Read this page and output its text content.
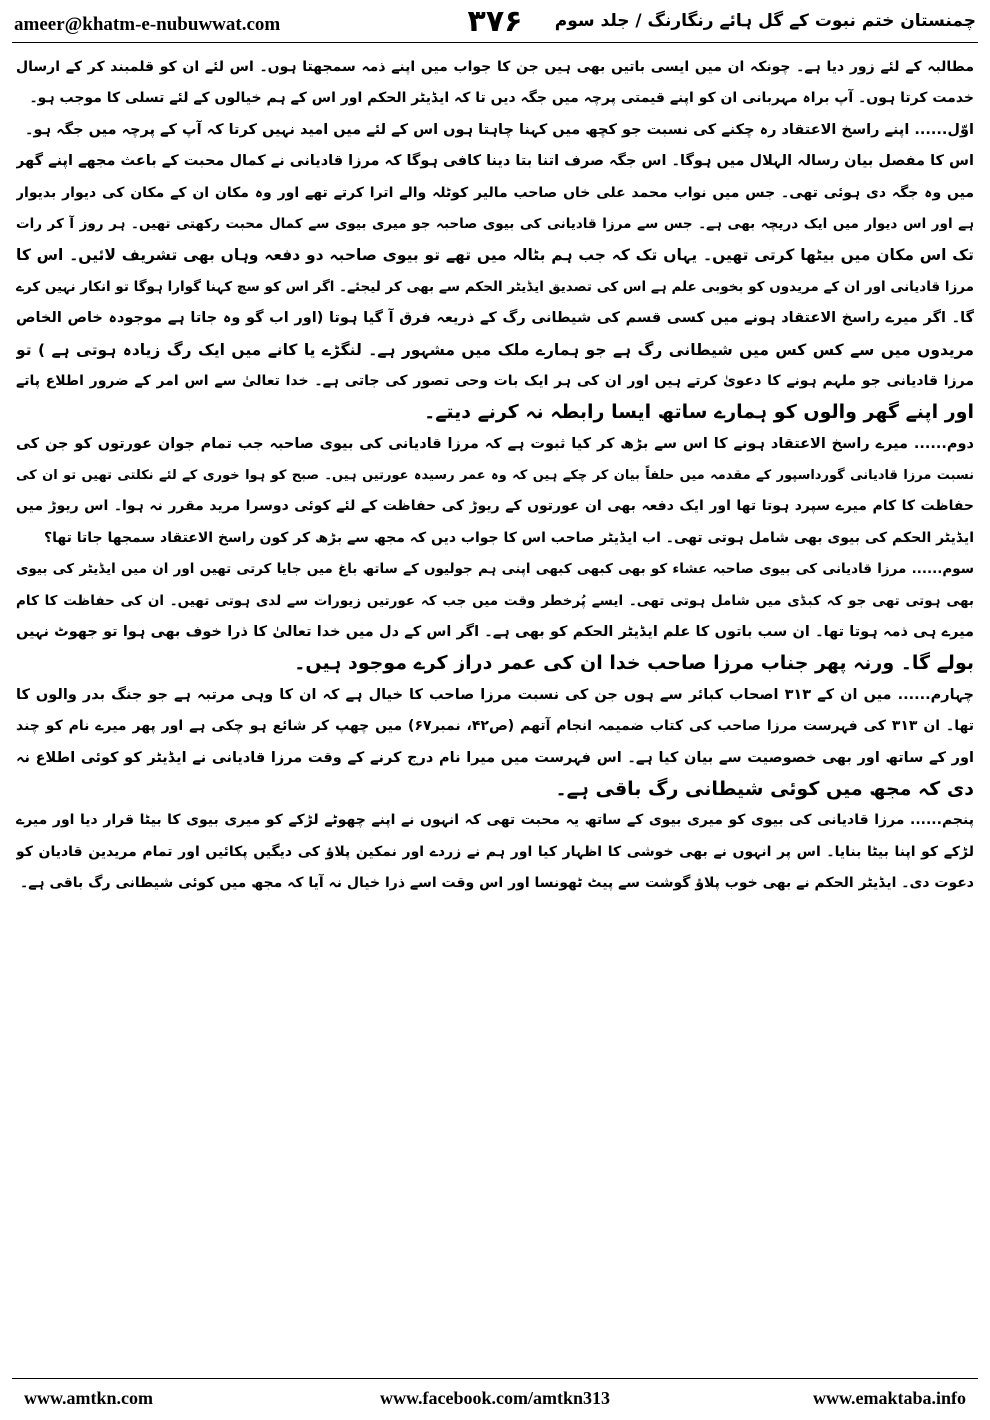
ameer@khatm-e-nubuwwat.com	۳۷۶	چمنستان ختم نبوت کے گل ہائے رنگارنگ / جلد سوم
مطالبہ کے لئے زور دیا ہے۔ چونکہ ان میں ایسی باتیں بھی ہیں جن کا جواب میں اپنے ذمہ سمجھتا ہوں۔ اس لئے ان کو قلمبند کر کے ارسال
خدمت کرتا ہوں۔ آپ براہ مہربانی ان کو اپنے قیمتی پرچہ میں جگہ دیں تا کہ ایڈیٹر الحکم اور اس کے ہم خیالوں کے لئے تسلی کا موجب ہو۔
اوّل...... اپنے راسخ الاعتقاد رہ چکنے کی نسبت جو کچھ میں کہنا چاہتا ہوں اس کے لئے میں امید نہیں کرتا کہ آپ کے پرچہ میں جگہ ہو۔
اس کا مفصل بیان رسالہ الہلال میں ہوگا۔ اس جگہ صرف اتنا بتا دینا کافی ہوگا کہ مرزا قادیانی نے کمال محبت کے باعث مجھے اپنے گھر
میں وہ جگہ دی ہوئی تھی۔ جس میں نواب محمد علی خاں صاحب مالیر کوٹلہ والے اترا کرتے تھے اور وہ مکان ان کے مکان کی دیوار بدیوار
ہے اور اس دیوار میں ایک دریچہ بھی ہے۔ جس سے مرزا قادیانی کی بیوی صاحبہ جو میری بیوی سے کمال محبت رکھتی تھیں۔ ہر روز آ کر رات
تک اس مکان میں بیٹھا کرتی تھیں۔ یہاں تک کہ جب ہم بٹالہ میں تھے تو بیوی صاحبہ دو دفعہ وہاں بھی تشریف لائیں۔ اس کا
مرزا قادیانی اور ان کے مریدوں کو بخوبی علم ہے اس کی تصدیق ایڈیٹر الحکم سے بھی کر لیجئے۔ اگر اس کو سچ کہنا گوارا ہوگا تو انکار نہیں کرے
گا۔ اگر میرے راسخ الاعتقاد ہونے میں کسی قسم کی شیطانی رگ کے ذریعہ فرق آ گیا ہوتا (اور اب گو وہ جاتا ہے موجودہ خاص الخاص
مریدوں میں سے کس کس میں شیطانی رگ ہے جو ہمارے ملک میں مشہور ہے۔ لنگڑے یا کانے میں ایک رگ زیادہ ہوتی ہے ) تو
مرزا قادیانی جو ملہم ہونے کا دعویٰ کرتے ہیں اور ان کی ہر ایک بات وحی تصور کی جاتی ہے۔ خدا تعالیٰ سے اس امر کے ضرور اطلاع پاتے
اور اپنے گھر والوں کو ہمارے ساتھ ایسا رابطہ نہ کرنے دیتے۔
دوم...... میرے راسخ الاعتقاد ہونے کا اس سے بڑھ کر کیا ثبوت ہے کہ مرزا قادیانی کی بیوی صاحبہ جب تمام جوان عورتوں کو جن کی
نسبت مرزا قادیانی گورداسپور کے مقدمہ میں حلفاً بیان کر چکے ہیں کہ وہ عمر رسیدہ عورتیں ہیں۔ صبح کو ہوا خوری کے لئے نکلتی تھیں تو ان کی
حفاظت کا کام میرے سپرد ہوتا تھا اور ایک دفعہ بھی ان عورتوں کے ریوڑ کی حفاظت کے لئے کوئی دوسرا مرید مقرر نہ ہوا۔ اس ریوڑ میں
ایڈیٹر الحکم کی بیوی بھی شامل ہوتی تھی۔ اب ایڈیٹر صاحب اس کا جواب دیں کہ مجھ سے بڑھ کر کون راسخ الاعتقاد سمجھا جاتا تھا؟
سوم...... مرزا قادیانی کی بیوی صاحبہ عشاء کو بھی کبھی کبھی اپنی ہم جولیوں کے ساتھ باغ میں جایا کرتی تھیں اور ان میں ایڈیٹر کی بیوی
بھی ہوتی تھی جو کہ کبڈی میں شامل ہوتی تھی۔ ایسے پُرخطر وقت میں جب کہ عورتیں زیورات سے لدی ہوتی تھیں۔ ان کی حفاظت کا کام
میرے ہی ذمہ ہوتا تھا۔ ان سب باتوں کا علم ایڈیٹر الحکم کو بھی ہے۔ اگر اس کے دل میں خدا تعالیٰ کا ذرا خوف بھی ہوا تو جھوٹ نہیں
بولے گا۔ ورنہ پھر جناب مرزا صاحب خدا ان کی عمر دراز کرے موجود ہیں۔
چہارم...... میں ان کے ۳۱۳ اصحاب کبائر سے ہوں جن کی نسبت مرزا صاحب کا خیال ہے کہ ان کا وہی مرتبہ ہے جو جنگ بدر والوں کا
تھا۔ ان ۳۱۳ کی فہرست مرزا صاحب کی کتاب ضمیمہ انجام آتھم (ص۴۲، نمبر۶۷) میں چھپ کر شائع ہو چکی ہے اور پھر میرے نام کو چند
اور کے ساتھ اور بھی خصوصیت سے بیان کیا ہے۔ اس فہرست میں میرا نام درج کرنے کے وقت مرزا قادیانی نے ایڈیٹر کو کوئی اطلاع نہ
دی کہ مجھ میں کوئی شیطانی رگ باقی ہے۔
پنجم...... مرزا قادیانی کی بیوی کو میری بیوی کے ساتھ یہ محبت تھی کہ انہوں نے اپنے چھوٹے لڑکے کو میری بیوی کا بیٹا قرار دیا اور میرے
لڑکے کو اپنا بیٹا بنایا۔ اس پر انہوں نے بھی خوشی کا اظہار کیا اور ہم نے زردے اور نمکین پلاؤ کی دیگیں پکائیں اور تمام مریدین قادیان کو
دعوت دی۔ ایڈیٹر الحکم نے بھی خوب پلاؤ گوشت سے پیٹ ٹھونسا اور اس وقت اسے ذرا خیال نہ آیا کہ مجھ میں کوئی شیطانی رگ باقی ہے۔
www.amtkn.com	www.facebook.com/amtkn313	www.emaktaba.info
